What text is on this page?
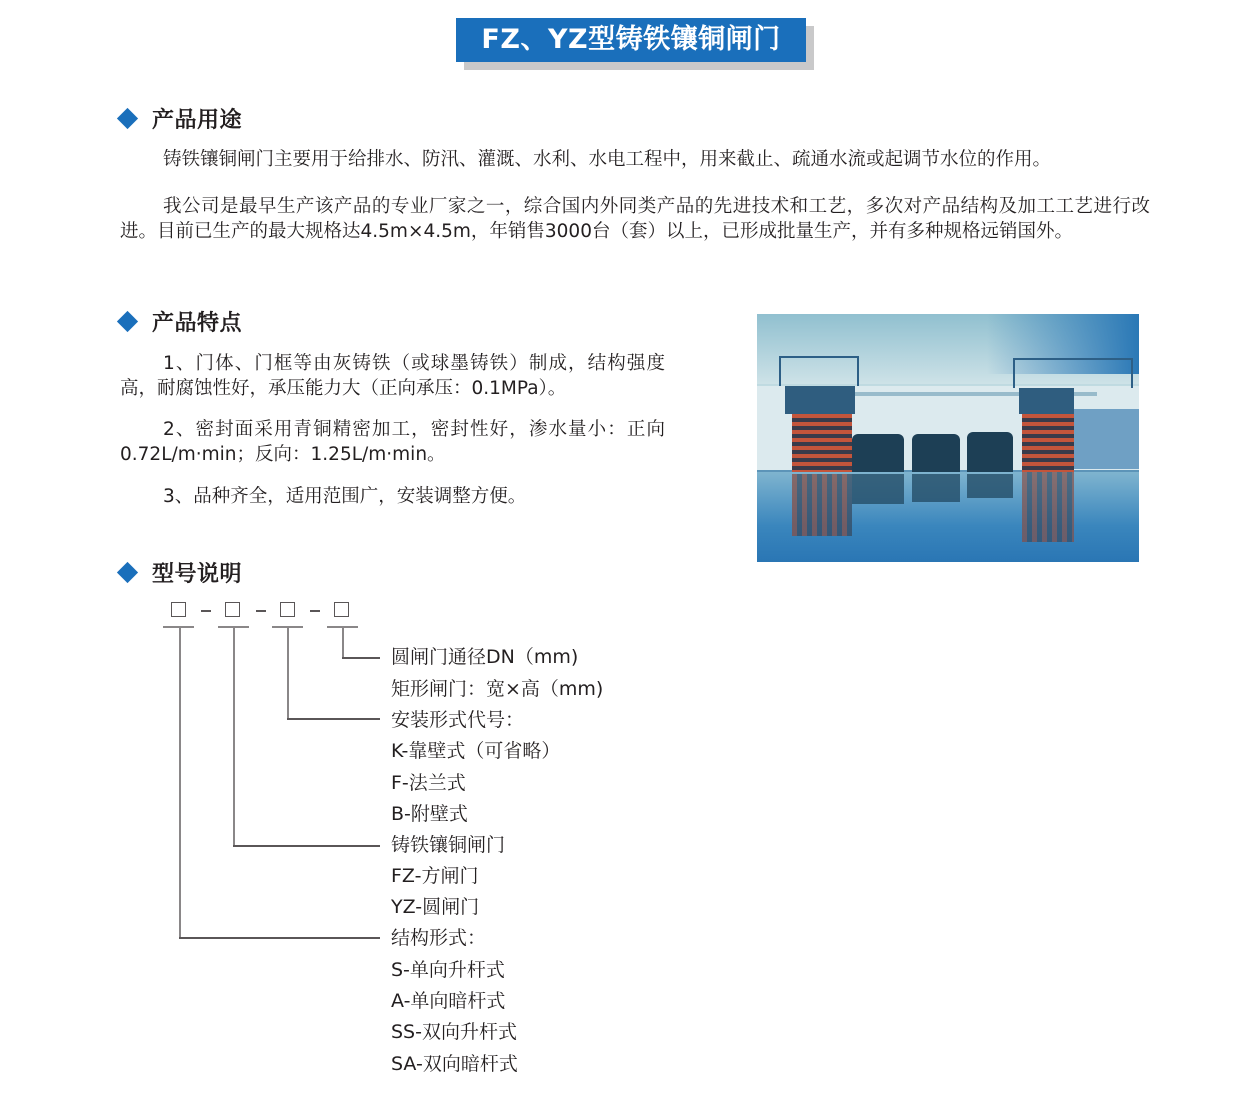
FZ、YZ型铸铁镶铜闸门
产品用途
铸铁镶铜闸门主要用于给排水、防汛、灌溉、水利、水电工程中，用来截止、疏通水流或起调节水位的作用。
我公司是最早生产该产品的专业厂家之一，综合国内外同类产品的先进技术和工艺，多次对产品结构及加工工艺进行改进。目前已生产的最大规格达4.5m×4.5m，年销售3000台（套）以上，已形成批量生产，并有多种规格远销国外。
产品特点
1、门体、门框等由灰铸铁（或球墨铸铁）制成，结构强度高，耐腐蚀性好，承压能力大（正向承压：0.1MPa）。
2、密封面采用青铜精密加工，密封性好，渗水量小：正向0.72L/m·min；反向：1.25L/m·min。
3、品种齐全，适用范围广，安装调整方便。
型号说明
圆闸门通径DN（mm)
矩形闸门：宽×高（mm)
安装形式代号：
K-靠壁式（可省略）
F-法兰式
B-附壁式
铸铁镶铜闸门
FZ-方闸门
YZ-圆闸门
结构形式：
S-单向升杆式
A-单向暗杆式
SS-双向升杆式
SA-双向暗杆式
